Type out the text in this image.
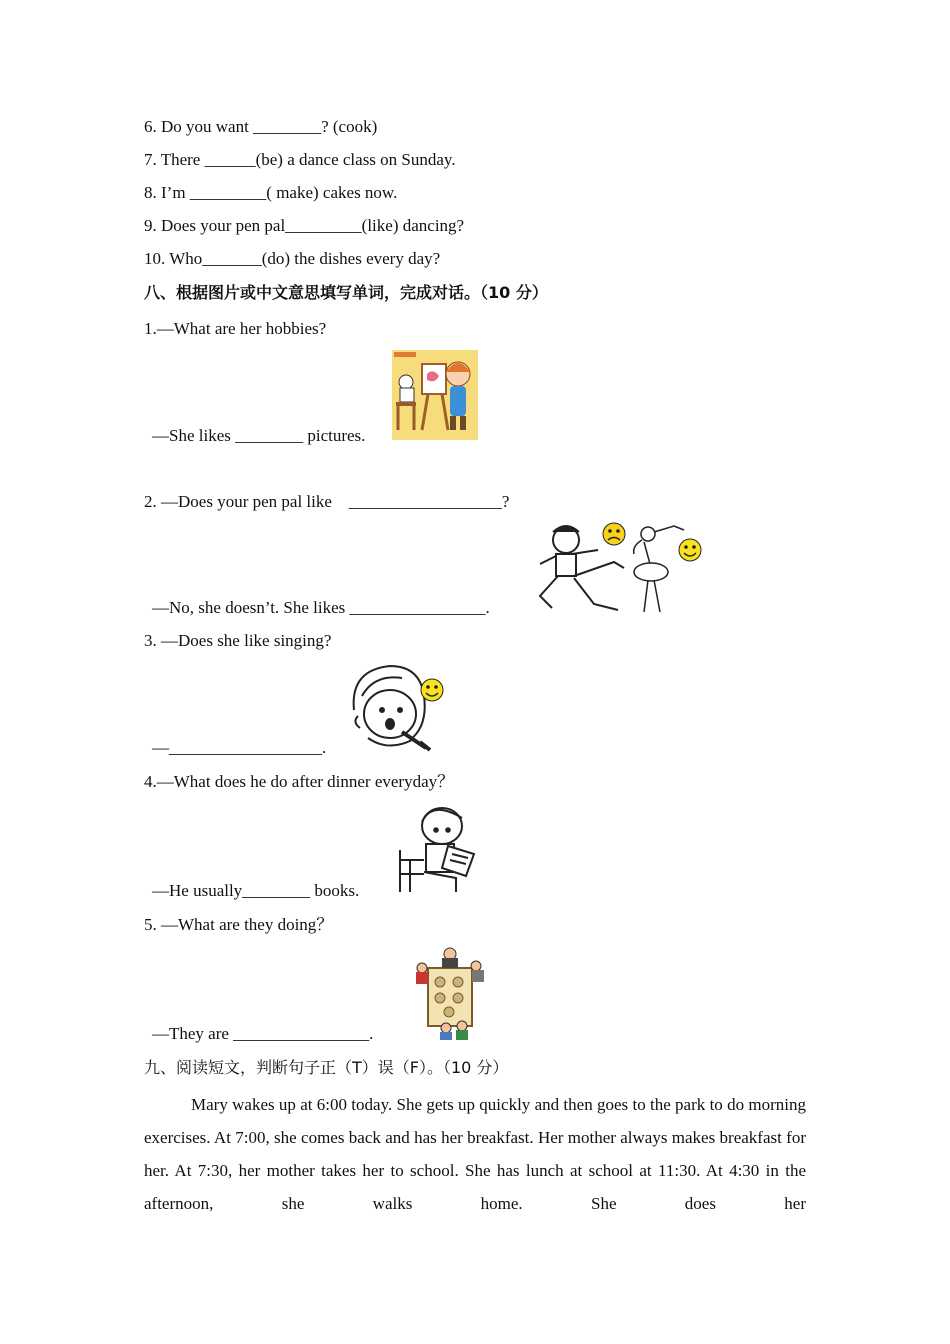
6. Do you want ________? (cook)
7. There ______(be) a dance class on Sunday.
8. I’m _________( make) cakes now.
9. Does your pen pal_________(like) dancing?
10. Who_______(do) the dishes every day?
八、根据图片或中文意思填写单词，完成对话。（10 分）
1.—What are her hobbies?
—She likes ________ pictures.
2. —Does your pen pal like    __________________?
—No, she doesn’t. She likes ________________.
3. —Does she like singing?
—__________________.
4.—What does he do after dinner everyday？
—He usually________ books.
5. —What are they doing？
—They are ________________.
九、阅读短文，判断句子正（T）误（F）。（10 分）

Mary wakes up at 6:00 today. She gets up quickly and then goes to the park to do morning exercises. At 7:00, she comes back and has her breakfast. Her mother always makes breakfast for her. At 7:30, her mother takes her to school. She has lunch at school at 11:30. At 4:30 in the afternoon, she walks home. She does her
